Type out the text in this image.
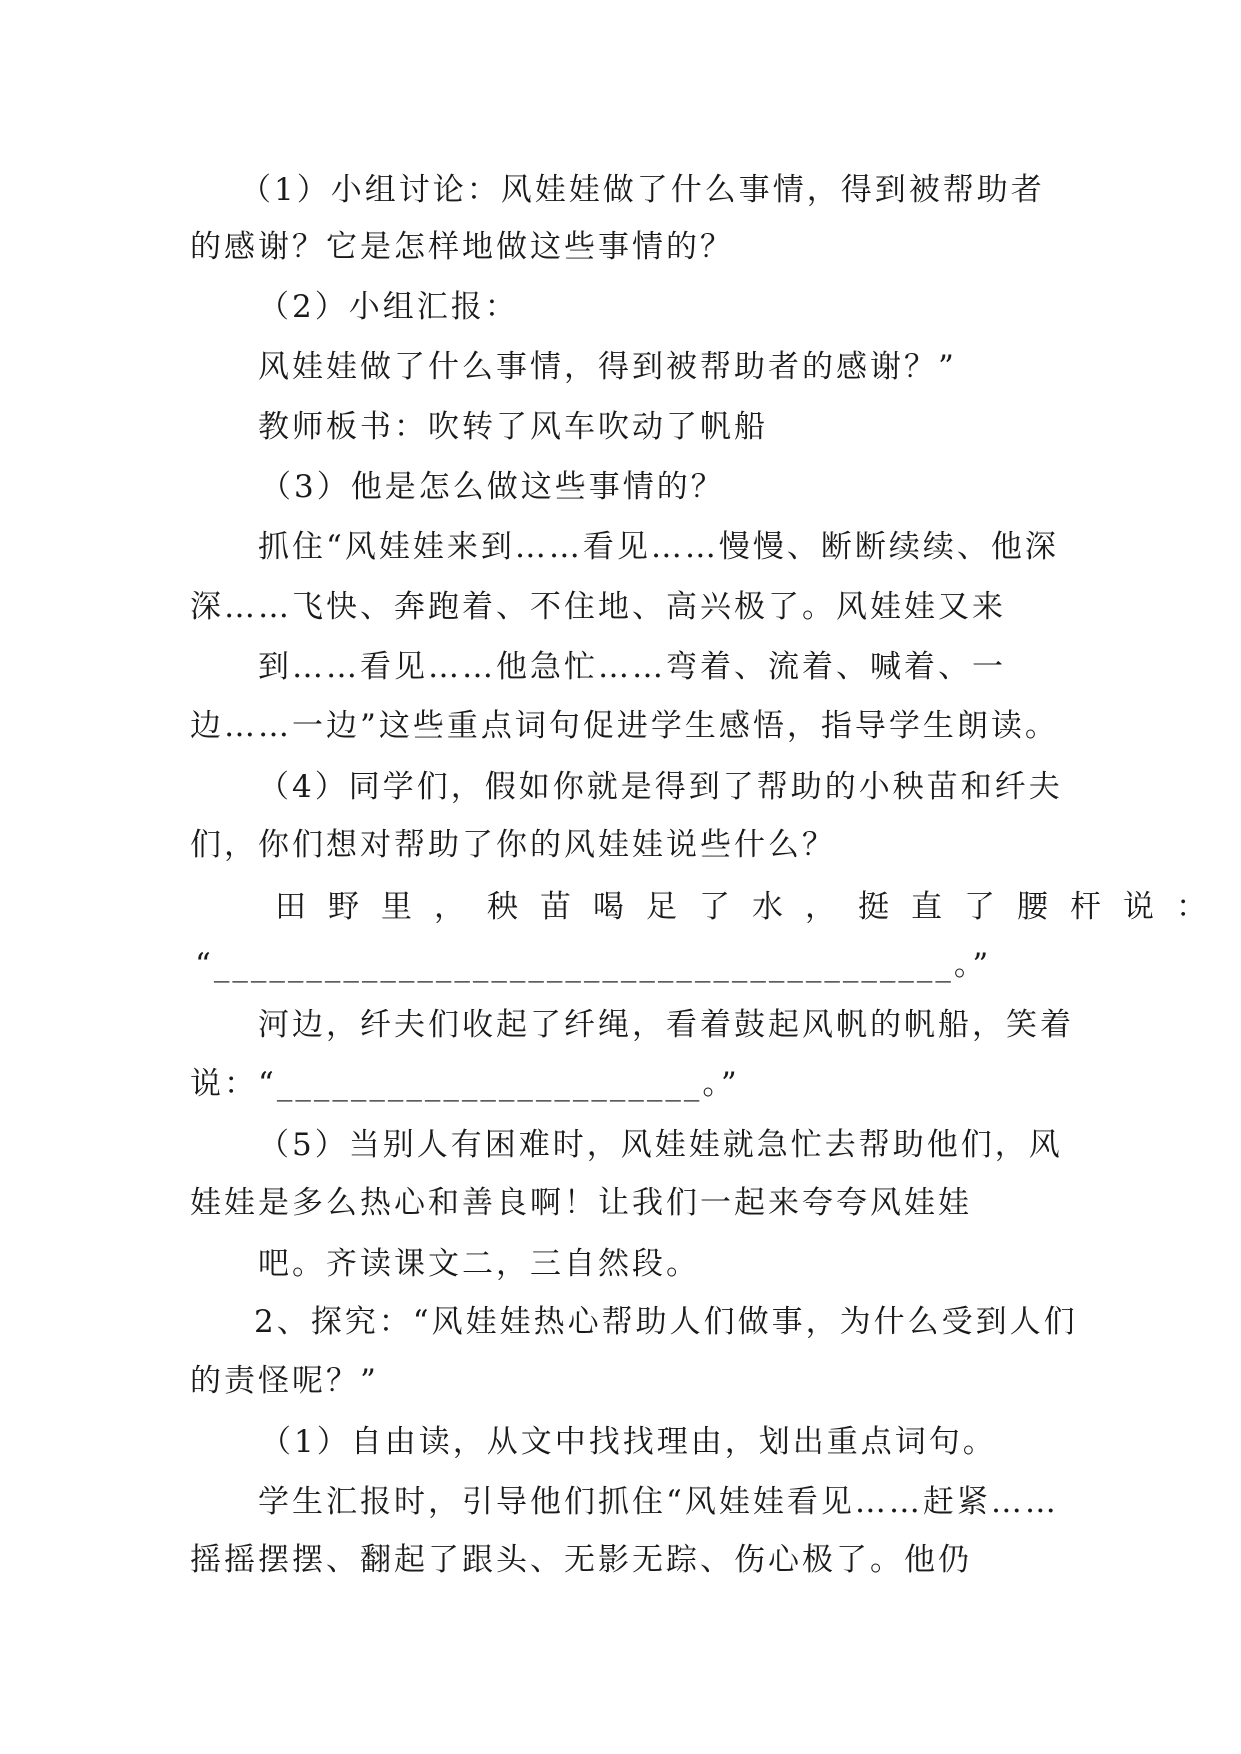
（1）小组讨论：风娃娃做了什么事情，得到被帮助者
的感谢？它是怎样地做这些事情的？
（2）小组汇报：
风娃娃做了什么事情，得到被帮助者的感谢？”
教师板书：吹转了风车吹动了帆船
（3）他是怎么做这些事情的？
抓住“风娃娃来到……看见……慢慢、断断续续、他深
深……飞快、奔跑着、不住地、高兴极了。风娃娃又来
到……看见……他急忙……弯着、流着、喊着、一
边……一边”这些重点词句促进学生感悟，指导学生朗读。
（4）同学们，假如你就是得到了帮助的小秧苗和纤夫
们，你们想对帮助了你的风娃娃说些什么？
田野里，秧苗喝足了水，挺直了腰杆说：
“________________________________________。”
河边，纤夫们收起了纤绳，看着鼓起风帆的帆船，笑着
说：“_______________________。”
（5）当别人有困难时，风娃娃就急忙去帮助他们，风
娃娃是多么热心和善良啊！让我们一起来夸夸风娃娃
吧。齐读课文二，三自然段。
2、探究：“风娃娃热心帮助人们做事，为什么受到人们
的责怪呢？”
（1）自由读，从文中找找理由，划出重点词句。
学生汇报时，引导他们抓住“风娃娃看见……赶紧……
摇摇摆摆、翻起了跟头、无影无踪、伤心极了。他仍
